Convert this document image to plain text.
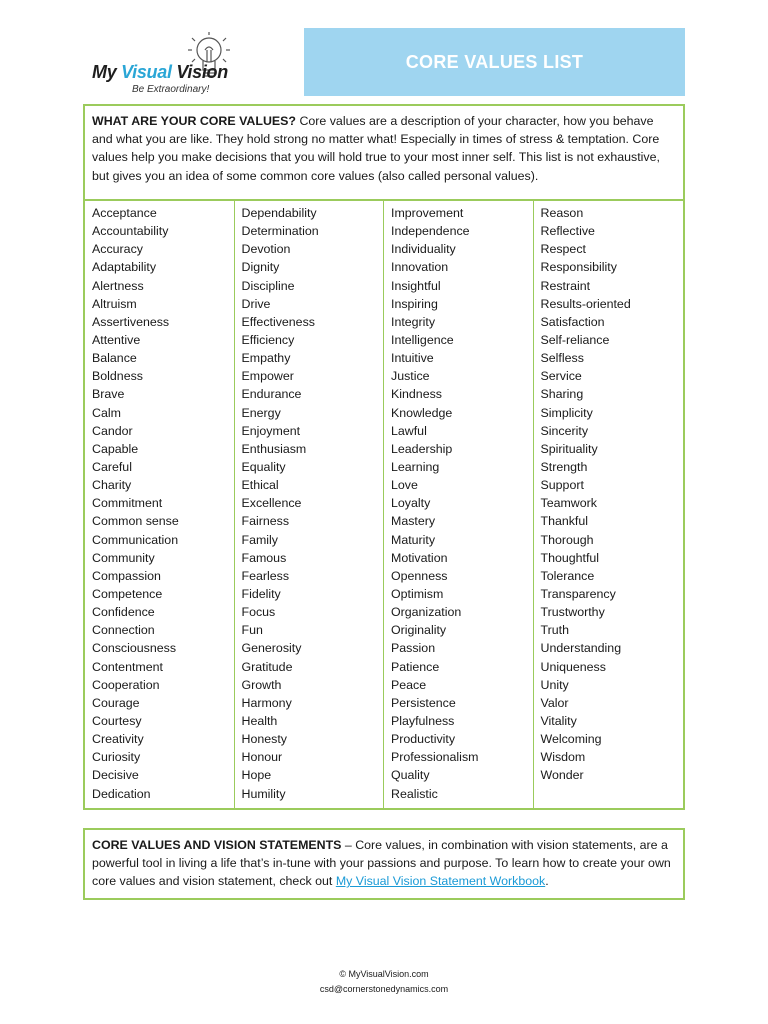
My Visual Vision
Be Extraordinary!
CORE VALUES LIST
WHAT ARE YOUR CORE VALUES? Core values are a description of your character, how you behave and what you are like. They hold strong no matter what! Especially in times of stress & temptation. Core values help you make decisions that you will hold true to your most inner self. This list is not exhaustive, but gives you an idea of some common core values (also called personal values).
Acceptance
Accountability
Accuracy
Adaptability
Alertness
Altruism
Assertiveness
Attentive
Balance
Boldness
Brave
Calm
Candor
Capable
Careful
Charity
Commitment
Common sense
Communication
Community
Compassion
Competence
Confidence
Connection
Consciousness
Contentment
Cooperation
Courage
Courtesy
Creativity
Curiosity
Decisive
Dedication
Dependability
Determination
Devotion
Dignity
Discipline
Drive
Effectiveness
Efficiency
Empathy
Empower
Endurance
Energy
Enjoyment
Enthusiasm
Equality
Ethical
Excellence
Fairness
Family
Famous
Fearless
Fidelity
Focus
Fun
Generosity
Gratitude
Growth
Harmony
Health
Honesty
Honour
Hope
Humility
Improvement
Independence
Individuality
Innovation
Insightful
Inspiring
Integrity
Intelligence
Intuitive
Justice
Kindness
Knowledge
Lawful
Leadership
Learning
Love
Loyalty
Mastery
Maturity
Motivation
Openness
Optimism
Organization
Originality
Passion
Patience
Peace
Persistence
Playfulness
Productivity
Professionalism
Quality
Realistic
Reason
Reflective
Respect
Responsibility
Restraint
Results-oriented
Satisfaction
Self-reliance
Selfless
Service
Sharing
Simplicity
Sincerity
Spirituality
Strength
Support
Teamwork
Thankful
Thorough
Thoughtful
Tolerance
Transparency
Trustworthy
Truth
Understanding
Uniqueness
Unity
Valor
Vitality
Welcoming
Wisdom
Wonder
CORE VALUES AND VISION STATEMENTS – Core values, in combination with vision statements, are a powerful tool in living a life that’s in-tune with your passions and purpose. To learn how to create your own core values and vision statement, check out My Visual Vision Statement Workbook.
© MyVisualVision.com
csd@cornerstonedynamics.com
